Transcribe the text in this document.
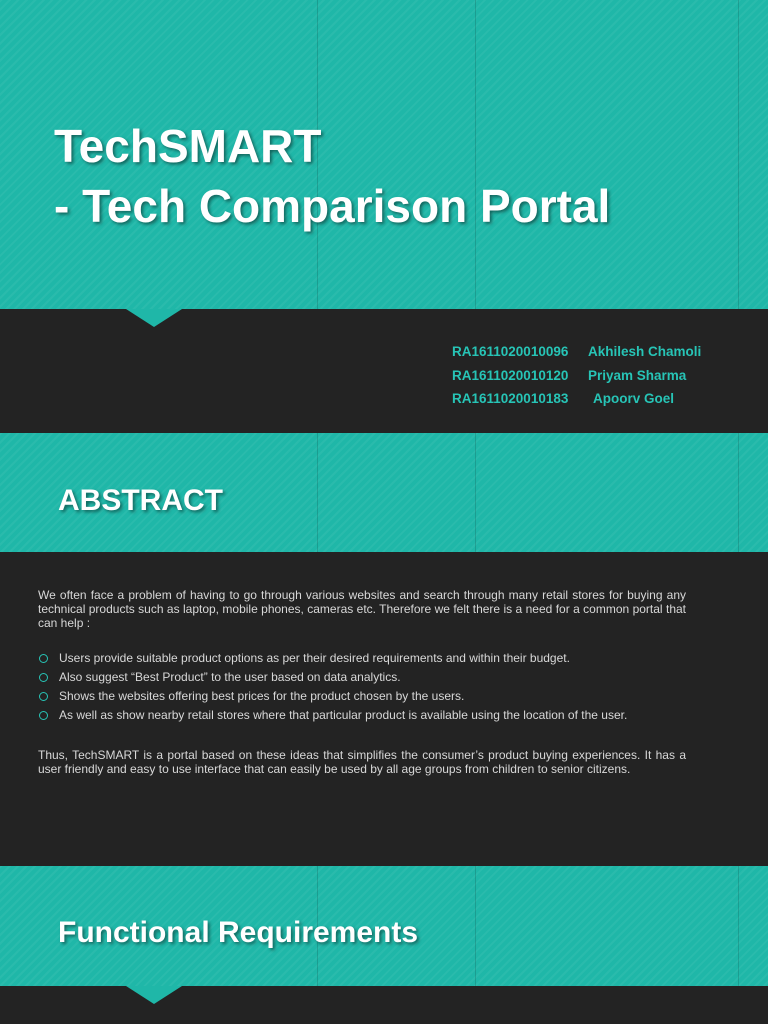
TechSMART
- Tech Comparison Portal
RA1611020010096 Akhilesh Chamoli
RA1611020010120 Priyam Sharma
RA1611020010183 Apoorv Goel
ABSTRACT

We often face a problem of having to go through various websites and search through many retail stores for buying any technical products such as laptop, mobile phones, cameras etc. Therefore we felt there is a need for a common portal that can help :

Users provide suitable product options as per their desired requirements and within their budget.
Also suggest “Best Product” to the user based on data analytics.
Shows the websites offering best prices for the product chosen by the users.
As well as show nearby retail stores where that particular product is available using the location of the user.

Thus, TechSMART is a portal based on these ideas that simplifies the consumer’s product buying experiences. It has a user friendly and easy to use interface that can easily be used by all age groups from children to senior citizens.

Functional Requirements
